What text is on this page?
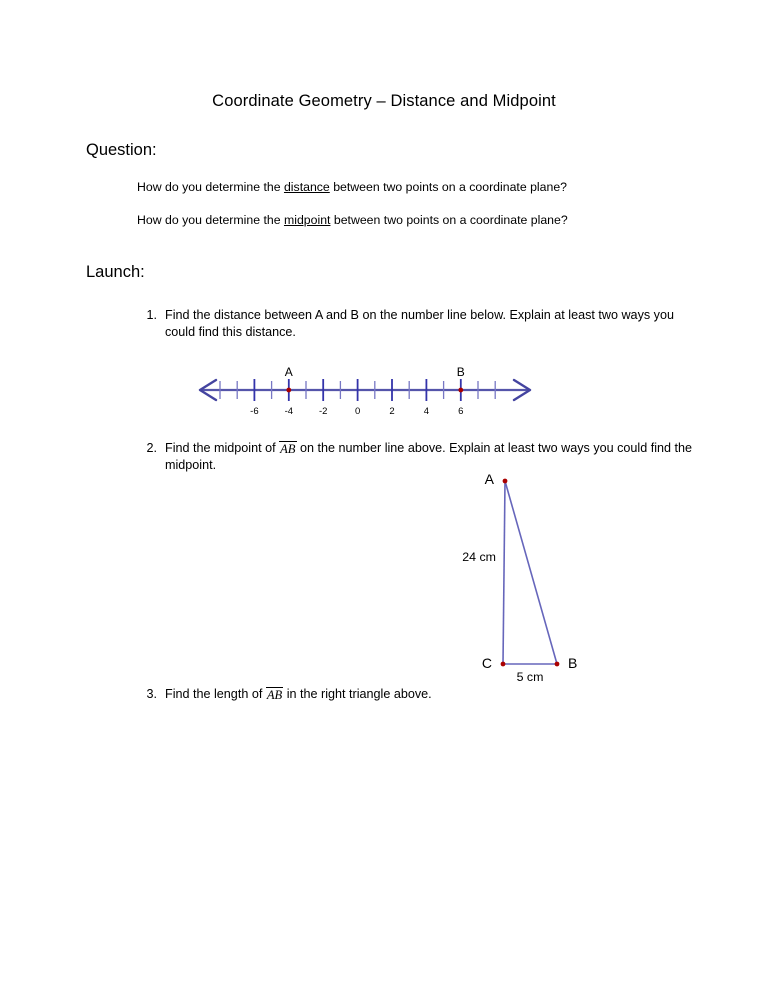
Coordinate Geometry – Distance and Midpoint
Question:
How do you determine the distance between two points on a coordinate plane?
How do you determine the midpoint between two points on a coordinate plane?
Launch:
1. Find the distance between A and B on the number line below. Explain at least two ways you could find this distance.
-6	-4	-2	0	2	4	6
A	B
2. Find the midpoint of AB on the number line above. Explain at least two ways you could find the midpoint.
A
B
C
24 cm
5 cm
3. Find the length of AB in the right triangle above.
